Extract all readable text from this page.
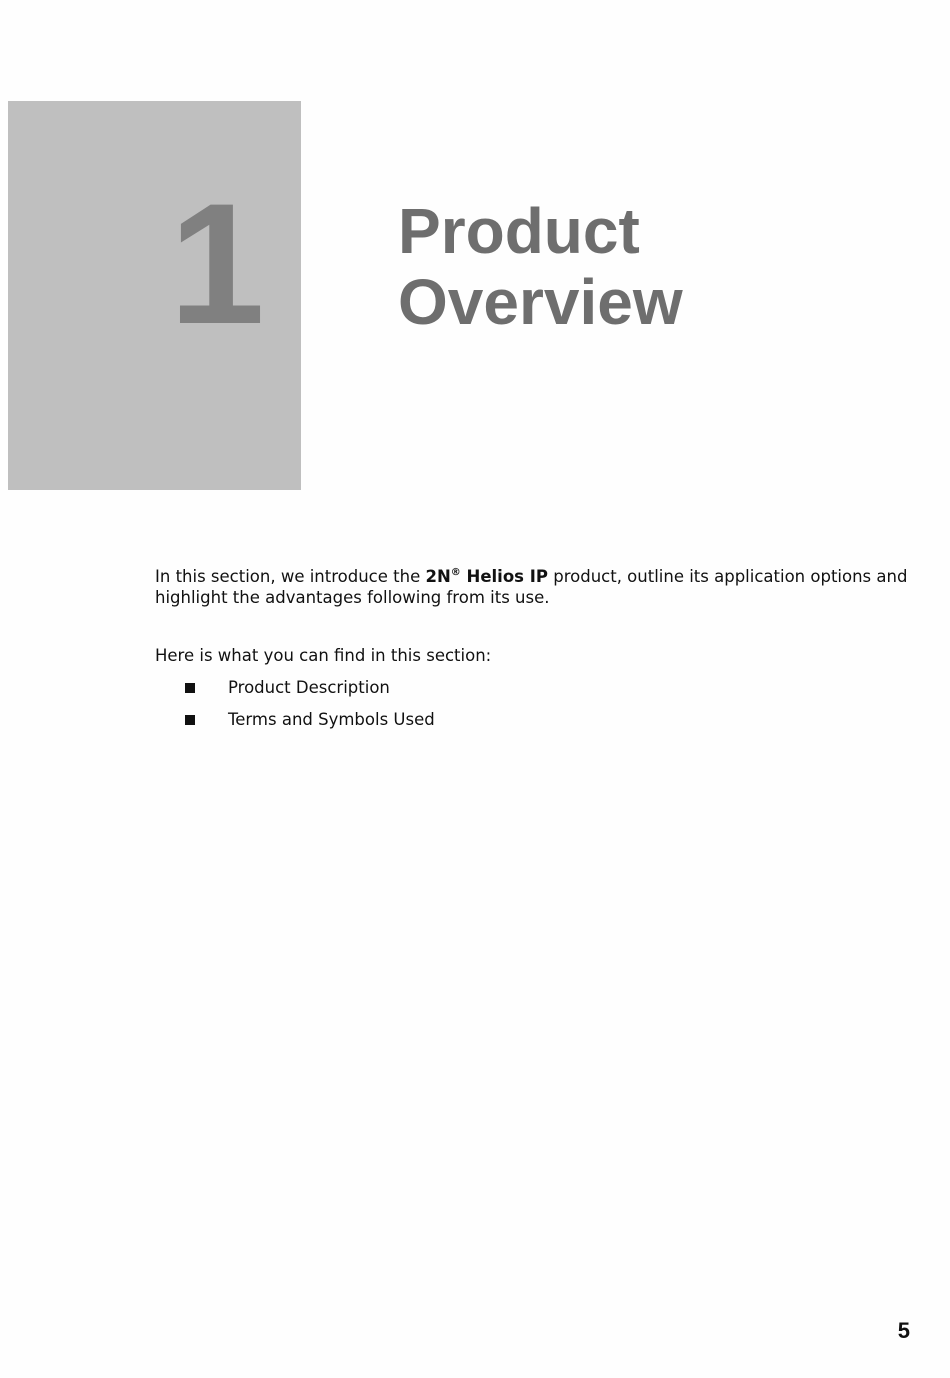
1 Product
Overview

In this section, we introduce the 2N® Helios IP product, outline its application options and highlight the advantages following from its use.

Here is what you can find in this section:

Product Description
Terms and Symbols Used
5
